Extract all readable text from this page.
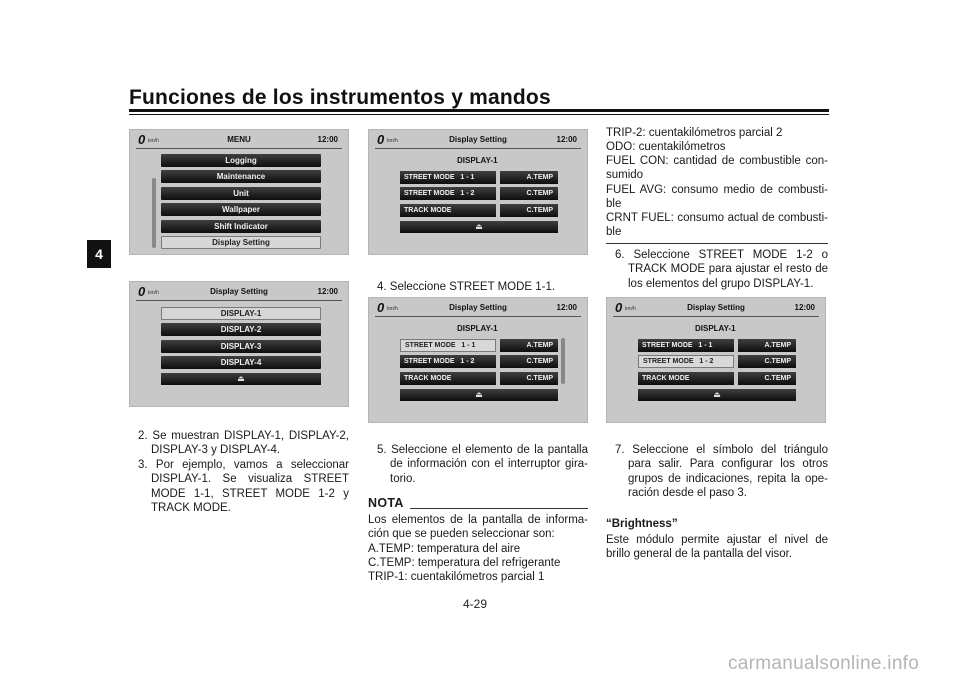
Funciones de los instrumentos y mandos
4
0 km/h	MENU	12:00
Logging
Maintenance
Unit
Wallpaper
Shift Indicator
Display Setting
0 km/h	Display Setting	12:00
DISPLAY-1
DISPLAY-2
DISPLAY-3
DISPLAY-4
⏏
2. Se muestran DISPLAY-1, DISPLAY-2, DISPLAY-3 y DISPLAY-4.
3. Por ejemplo, vamos a seleccionar DISPLAY-1. Se visualiza STREET MODE 1-1, STREET MODE 1-2 y TRACK MODE.
0 km/h	Display Setting	12:00
DISPLAY-1
STREET MODE 1 - 1	A.TEMP
STREET MODE 1 - 2	C.TEMP
TRACK MODE	C.TEMP
⏏
4. Seleccione STREET MODE 1-1.
0 km/h	Display Setting	12:00
DISPLAY-1
STREET MODE 1 - 1	A.TEMP
STREET MODE 1 - 2	C.TEMP
TRACK MODE	C.TEMP
⏏
5. Seleccione el elemento de la pantalla de información con el interruptor gira-torio.
NOTA
Los elementos de la pantalla de informa-ción que se pueden seleccionar son:
A.TEMP: temperatura del aire
C.TEMP: temperatura del refrigerante
TRIP-1: cuentakilómetros parcial 1
TRIP-2: cuentakilómetros parcial 2
ODO: cuentakilómetros
FUEL CON: cantidad de combustible con-sumido
FUEL AVG: consumo medio de combusti-ble
CRNT FUEL: consumo actual de combusti-ble
6. Seleccione STREET MODE 1-2 o TRACK MODE para ajustar el resto de los elementos del grupo DISPLAY-1.
0 km/h	Display Setting	12:00
DISPLAY-1
STREET MODE 1 - 1	A.TEMP
STREET MODE 1 - 2	C.TEMP
TRACK MODE	C.TEMP
⏏
7. Seleccione el símbolo del triángulo para salir. Para configurar los otros grupos de indicaciones, repita la ope-ración desde el paso 3.
“Brightness”
Este módulo permite ajustar el nivel de brillo general de la pantalla del visor.
4-29
carmanualsonline.info
